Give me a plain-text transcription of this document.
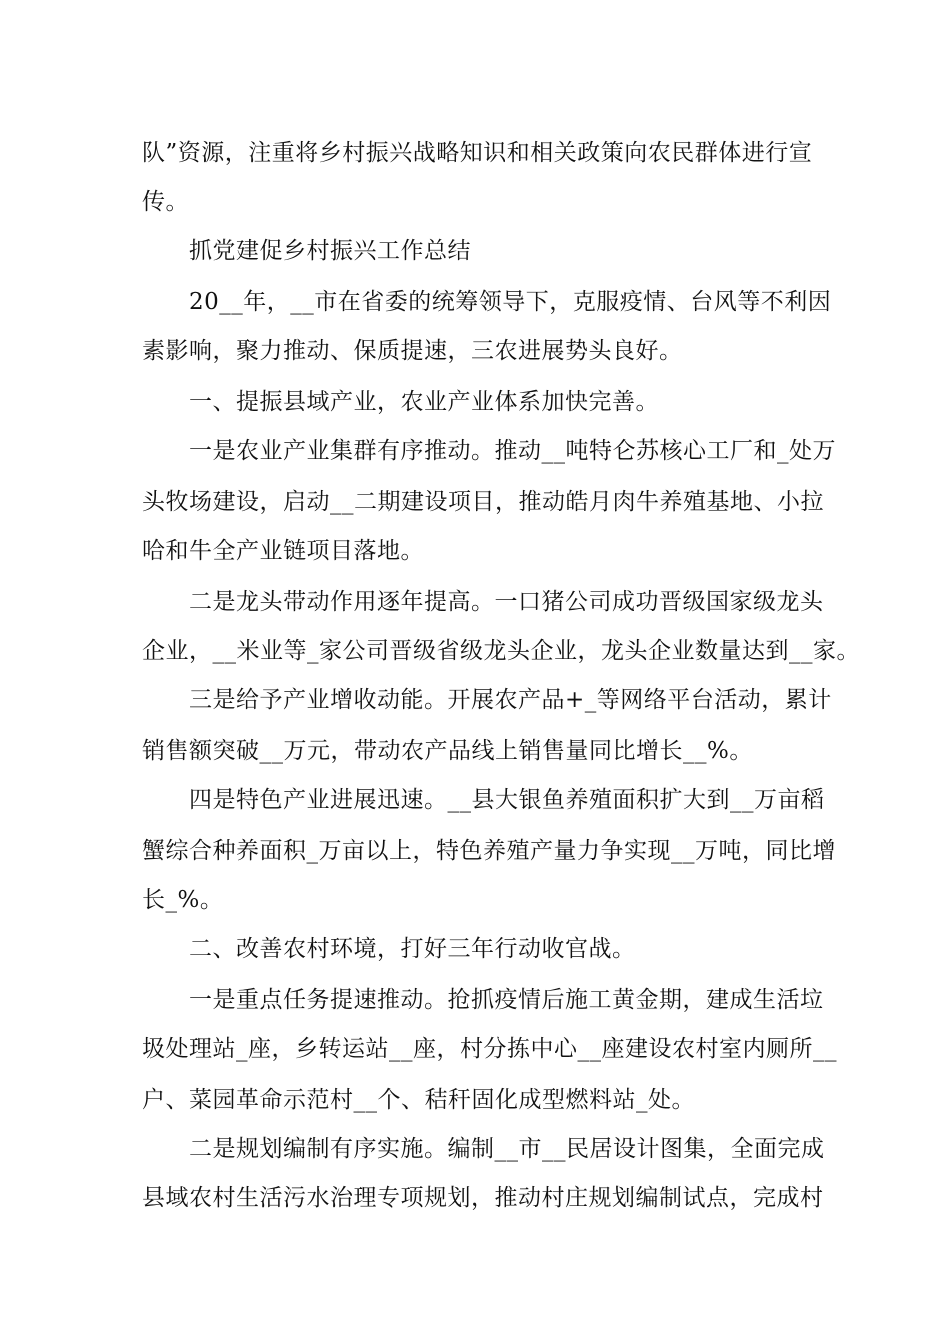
队”资源，注重将乡村振兴战略知识和相关政策向农民群体进行宣

传。

抓党建促乡村振兴工作总结

20__年，__市在省委的统筹领导下，克服疫情、台风等不利因

素影响，聚力推动、保质提速，三农进展势头良好。

一、提振县域产业，农业产业体系加快完善。

一是农业产业集群有序推动。推动__吨特仑苏核心工厂和_处万

头牧场建设，启动__二期建设项目，推动皓月肉牛养殖基地、小拉

哈和牛全产业链项目落地。

二是龙头带动作用逐年提高。一口猪公司成功晋级国家级龙头

企业，__米业等_家公司晋级省级龙头企业，龙头企业数量达到__家。

三是给予产业增收动能。开展农产品+_等网络平台活动，累计

销售额突破__万元，带动农产品线上销售量同比增长__%。

四是特色产业进展迅速。__县大银鱼养殖面积扩大到__万亩稻

蟹综合种养面积_万亩以上，特色养殖产量力争实现__万吨，同比增

长_%。

二、改善农村环境，打好三年行动收官战。

一是重点任务提速推动。抢抓疫情后施工黄金期，建成生活垃

圾处理站_座，乡转运站__座，村分拣中心__座建设农村室内厕所__

户、菜园革命示范村__个、秸秆固化成型燃料站_处。

二是规划编制有序实施。编制__市__民居设计图集，全面完成

县域农村生活污水治理专项规划，推动村庄规划编制试点，完成村
